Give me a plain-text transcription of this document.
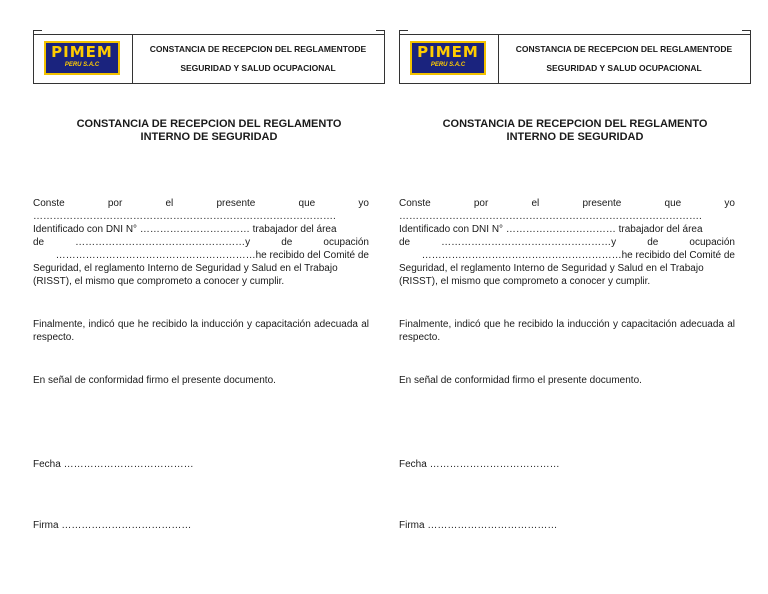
PIMEM
PERU S.A.C
CONSTANCIA DE RECEPCION DEL REGLAMENTODE
SEGURIDAD Y SALUD OCUPACIONAL
CONSTANCIA DE RECEPCION DEL REGLAMENTO
INTERNO DE SEGURIDAD
Conste	por	el	presente	que	yo
……………………………………………………………………………….
Identificado con DNI N° …………………………… trabajador del área
de	……………………………………………y	de	ocupación
……………………………………………………he recibido del Comité de
Seguridad, el reglamento Interno de Seguridad y Salud en el Trabajo
(RISST), el mismo que comprometo a conocer y cumplir.
Finalmente, indicó que he recibido la inducción y capacitación adecuada al respecto.
En señal de conformidad firmo el presente documento.
Fecha …………………………………
Firma …………………………………
PIMEM
PERU S.A.C
CONSTANCIA DE RECEPCION DEL REGLAMENTODE
SEGURIDAD Y SALUD OCUPACIONAL
CONSTANCIA DE RECEPCION DEL REGLAMENTO
INTERNO DE SEGURIDAD
Conste	por	el	presente	que	yo
……………………………………………………………………………….
Identificado con DNI N° …………………………… trabajador del área
de	……………………………………………y	de	ocupación
……………………………………………………he recibido del Comité de
Seguridad, el reglamento Interno de Seguridad y Salud en el Trabajo
(RISST), el mismo que comprometo a conocer y cumplir.
Finalmente, indicó que he recibido la inducción y capacitación adecuada al respecto.
En señal de conformidad firmo el presente documento.
Fecha …………………………………
Firma …………………………………
